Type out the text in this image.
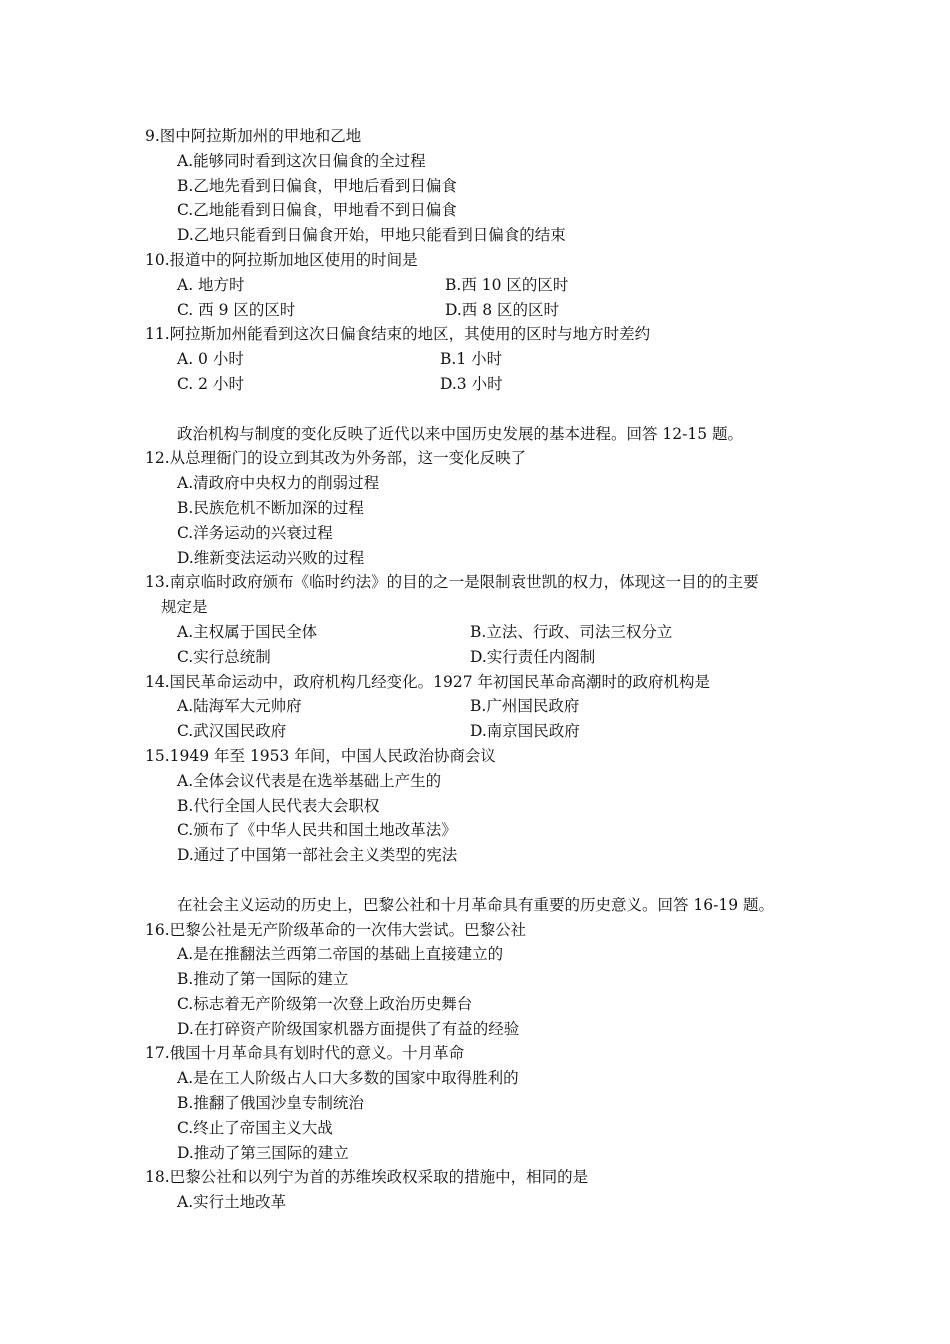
9.图中阿拉斯加州的甲地和乙地
A.能够同时看到这次日偏食的全过程
B.乙地先看到日偏食，甲地后看到日偏食
C.乙地能看到日偏食，甲地看不到日偏食
D.乙地只能看到日偏食开始，甲地只能看到日偏食的结束
10.报道中的阿拉斯加地区使用的时间是
A. 地方时	B.西 10 区的区时
C. 西 9 区的区时	D.西 8 区的区时
11.阿拉斯加州能看到这次日偏食结束的地区，其使用的区时与地方时差约
A. 0 小时	B.1 小时
C. 2 小时	D.3 小时
政治机构与制度的变化反映了近代以来中国历史发展的基本进程。回答 12-15 题。
12.从总理衙门的设立到其改为外务部，这一变化反映了
A.清政府中央权力的削弱过程
B.民族危机不断加深的过程
C.洋务运动的兴衰过程
D.维新变法运动兴败的过程
13.南京临时政府颁布《临时约法》的目的之一是限制袁世凯的权力，体现这一目的的主要
规定是
A.主权属于国民全体	B.立法、行政、司法三权分立
C.实行总统制	D.实行责任内阁制
14.国民革命运动中，政府机构几经变化。1927 年初国民革命高潮时的政府机构是
A.陆海军大元帅府	B.广州国民政府
C.武汉国民政府	D.南京国民政府
15.1949 年至 1953 年间，中国人民政治协商会议
A.全体会议代表是在选举基础上产生的
B.代行全国人民代表大会职权
C.颁布了《中华人民共和国土地改革法》
D.通过了中国第一部社会主义类型的宪法
在社会主义运动的历史上，巴黎公社和十月革命具有重要的历史意义。回答 16-19 题。
16.巴黎公社是无产阶级革命的一次伟大尝试。巴黎公社
A.是在推翻法兰西第二帝国的基础上直接建立的
B.推动了第一国际的建立
C.标志着无产阶级第一次登上政治历史舞台
D.在打碎资产阶级国家机器方面提供了有益的经验
17.俄国十月革命具有划时代的意义。十月革命
A.是在工人阶级占人口大多数的国家中取得胜利的
B.推翻了俄国沙皇专制统治
C.终止了帝国主义大战
D.推动了第三国际的建立
18.巴黎公社和以列宁为首的苏维埃政权采取的措施中，相同的是
A.实行土地改革
